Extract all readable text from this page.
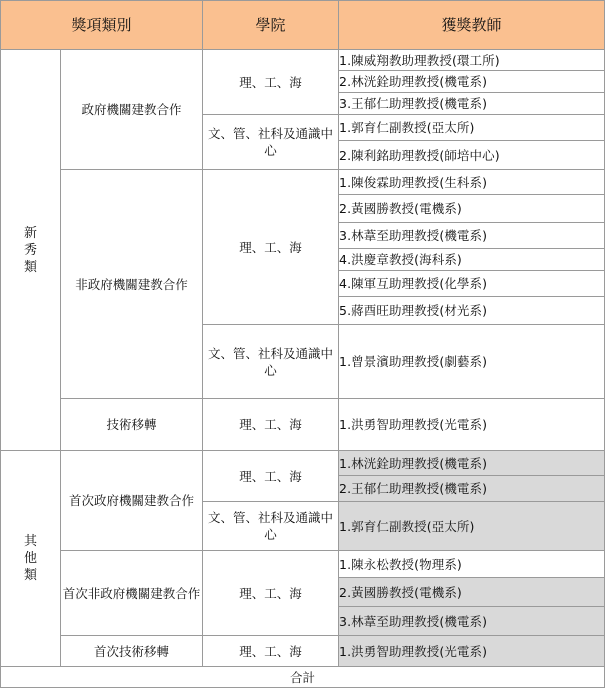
獎項類別		學院	獲獎教師
新秀類	政府機關建教合作	理、工、海	1.陳威翔教助理教授(環工所)
			2.林洸銓助理教授(機電系)
			3.王郁仁助理教授(機電系)
		文、管、社科及通識中心	1.郭育仁副教授(亞太所)
			2.陳利銘助理教授(師培中心)
	非政府機關建教合作	理、工、海	1.陳俊霖助理教授(生科系)
			2.黃國勝教授(電機系)
			3.林葦至助理教授(機電系)
			4.洪慶章教授(海科系)
			4.陳軍互助理教授(化學系)
			5.蔣酉旺助理教授(材光系)
		文、管、社科及通識中心	1.曾景濱助理教授(劇藝系)

	技術移轉	理、工、海	1.洪勇智助理教授(光電系)

其他類	首次政府機關建教合作	理、工、海	1.林洸銓助理教授(機電系)
			2.王郁仁助理教授(機電系)
		文、管、社科及通識中心	1.郭育仁副教授(亞太所)
	首次非政府機關建教合作	理、工、海	1.陳永松教授(物理系)
			2.黃國勝教授(電機系)
			3.林葦至助理教授(機電系)
	首次技術移轉	理、工、海	1.洪勇智助理教授(光電系)
合計			
